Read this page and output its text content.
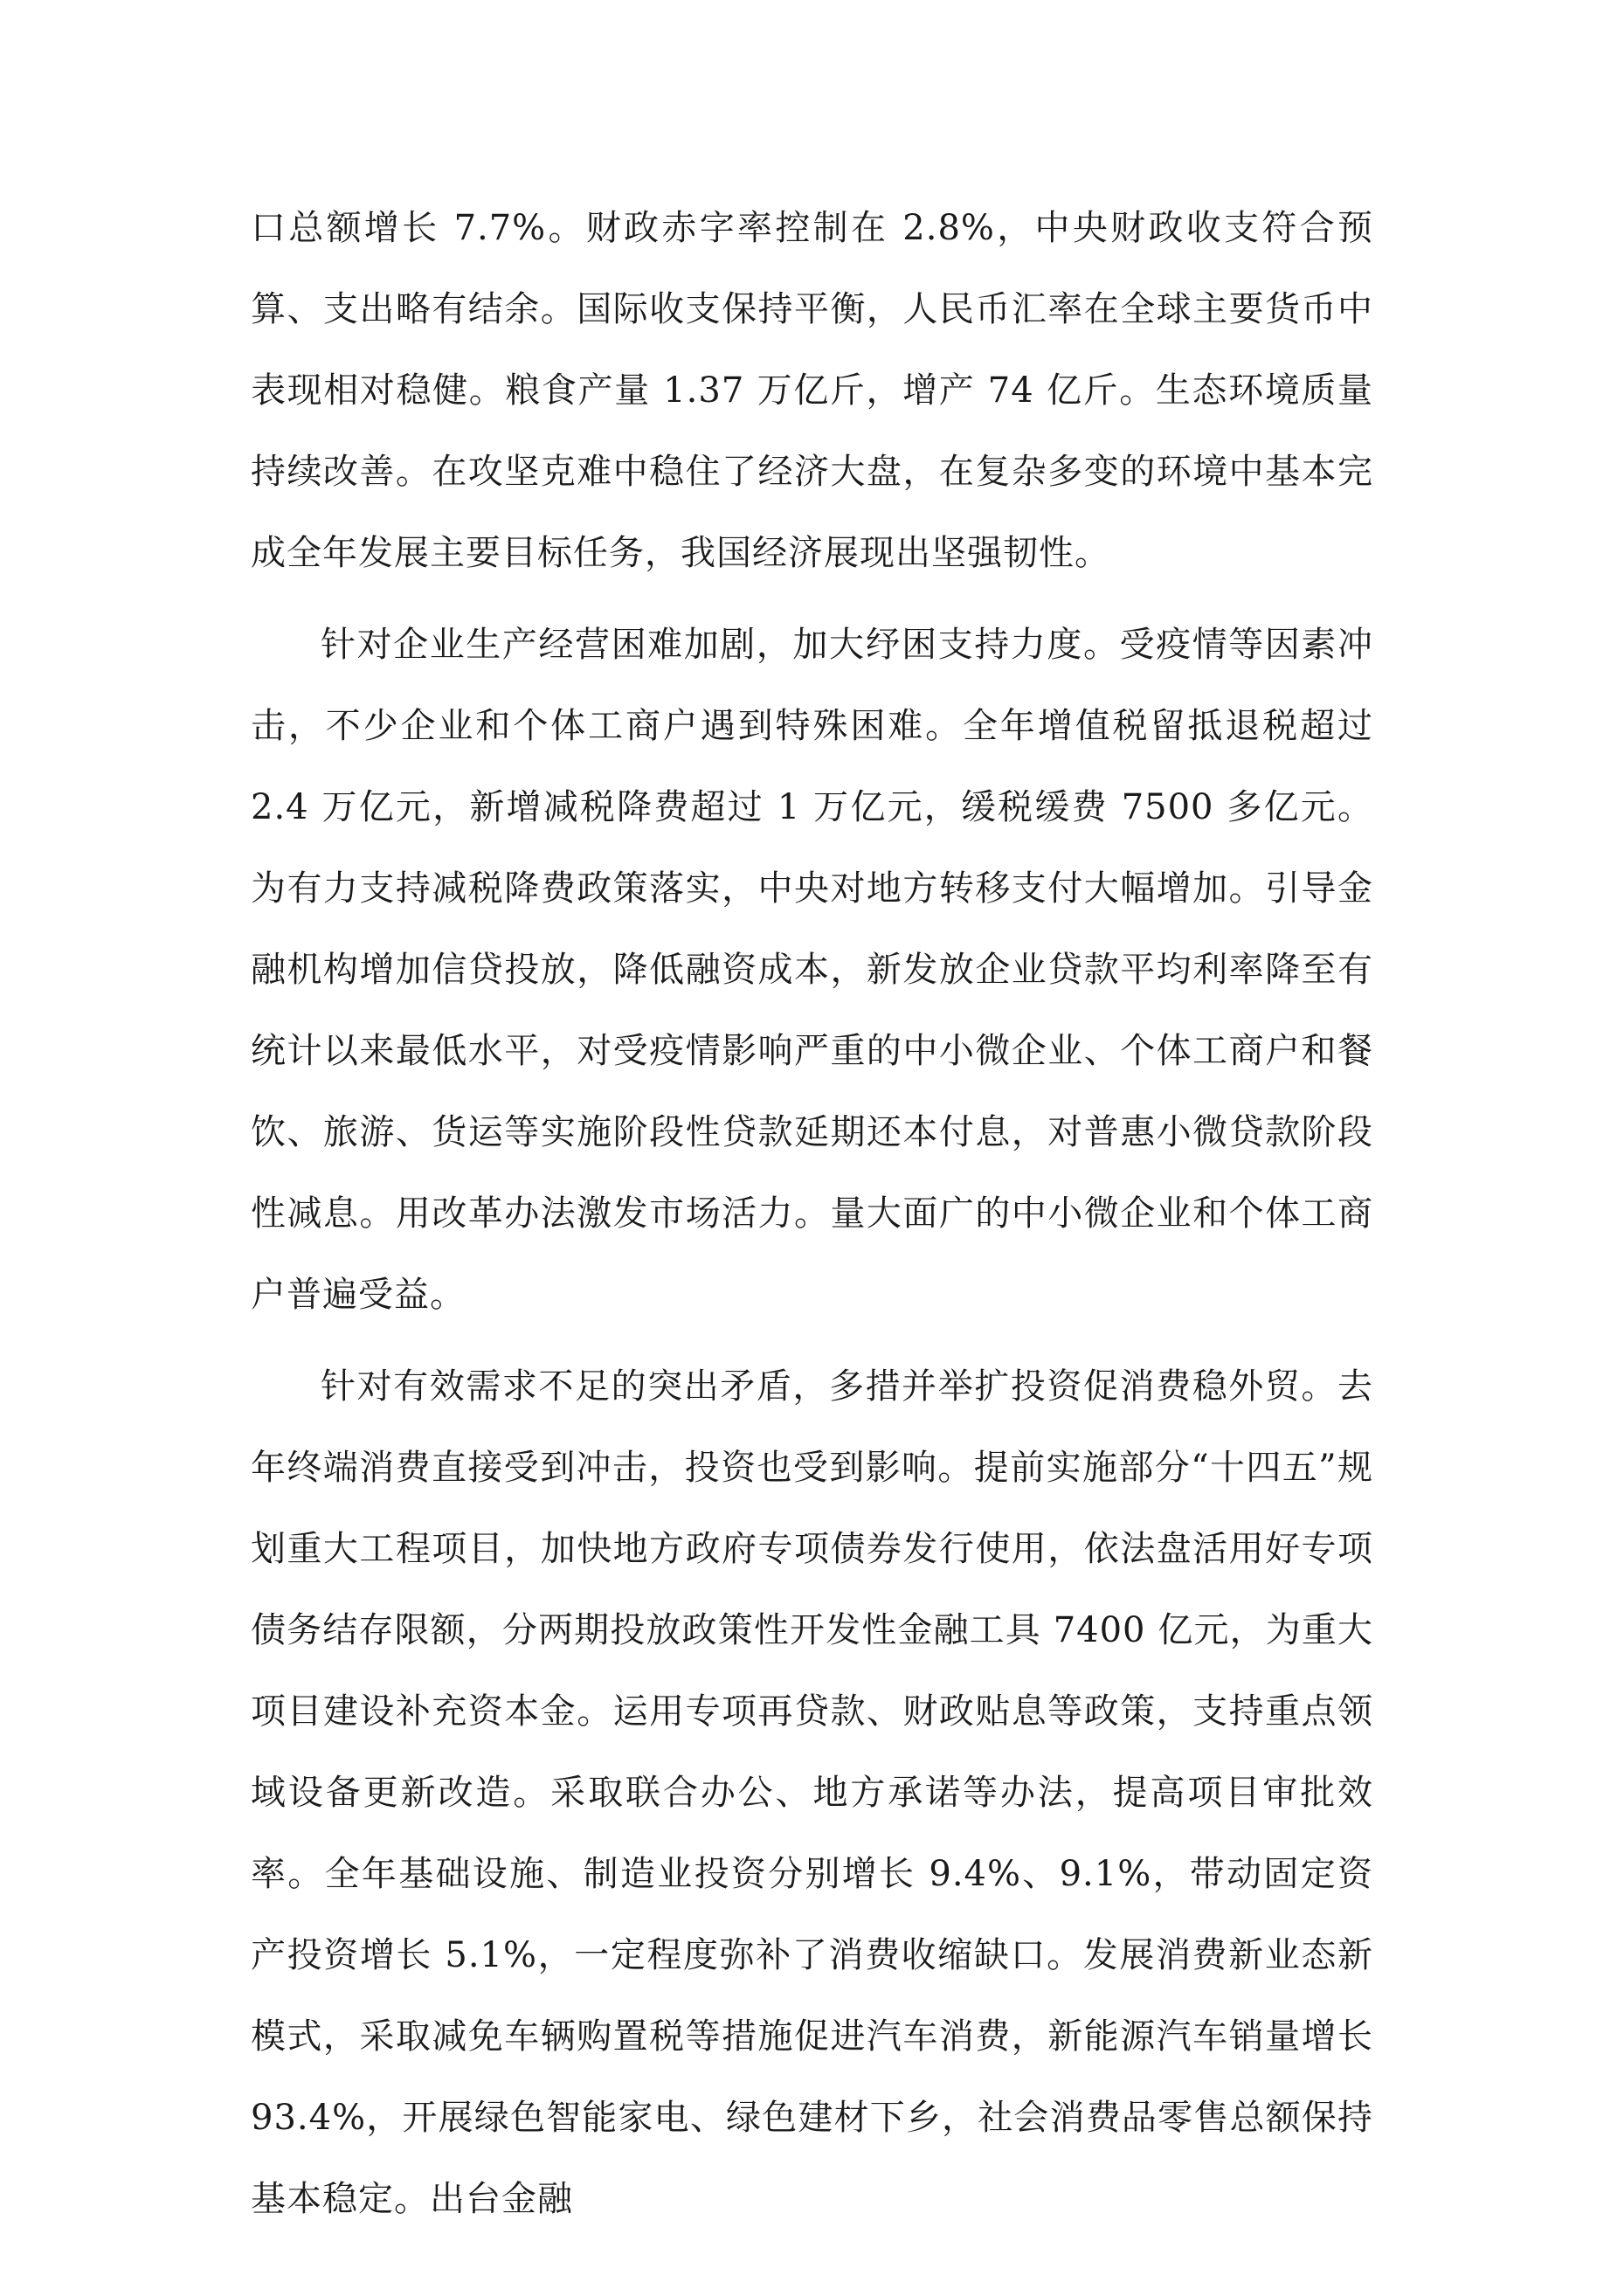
口总额增长 7.7%。财政赤字率控制在 2.8%，中央财政收支符合预算、支出略有结余。国际收支保持平衡，人民币汇率在全球主要货币中表现相对稳健。粮食产量 1.37 万亿斤，增产 74 亿斤。生态环境质量持续改善。在攻坚克难中稳住了经济大盘，在复杂多变的环境中基本完成全年发展主要目标任务，我国经济展现出坚强韧性。

针对企业生产经营困难加剧，加大纾困支持力度。受疫情等因素冲击，不少企业和个体工商户遇到特殊困难。全年增值税留抵退税超过 2.4 万亿元，新增减税降费超过 1 万亿元，缓税缓费 7500 多亿元。为有力支持减税降费政策落实，中央对地方转移支付大幅增加。引导金融机构增加信贷投放，降低融资成本，新发放企业贷款平均利率降至有统计以来最低水平，对受疫情影响严重的中小微企业、个体工商户和餐饮、旅游、货运等实施阶段性贷款延期还本付息，对普惠小微贷款阶段性减息。用改革办法激发市场活力。量大面广的中小微企业和个体工商户普遍受益。

针对有效需求不足的突出矛盾，多措并举扩投资促消费稳外贸。去年终端消费直接受到冲击，投资也受到影响。提前实施部分“十四五”规划重大工程项目，加快地方政府专项债券发行使用，依法盘活用好专项债务结存限额，分两期投放政策性开发性金融工具 7400 亿元，为重大项目建设补充资本金。运用专项再贷款、财政贴息等政策，支持重点领域设备更新改造。采取联合办公、地方承诺等办法，提高项目审批效率。全年基础设施、制造业投资分别增长 9.4%、9.1%，带动固定资产投资增长 5.1%，一定程度弥补了消费收缩缺口。发展消费新业态新模式，采取减免车辆购置税等措施促进汽车消费，新能源汽车销量增长 93.4%，开展绿色智能家电、绿色建材下乡，社会消费品零售总额保持基本稳定。出台金融
